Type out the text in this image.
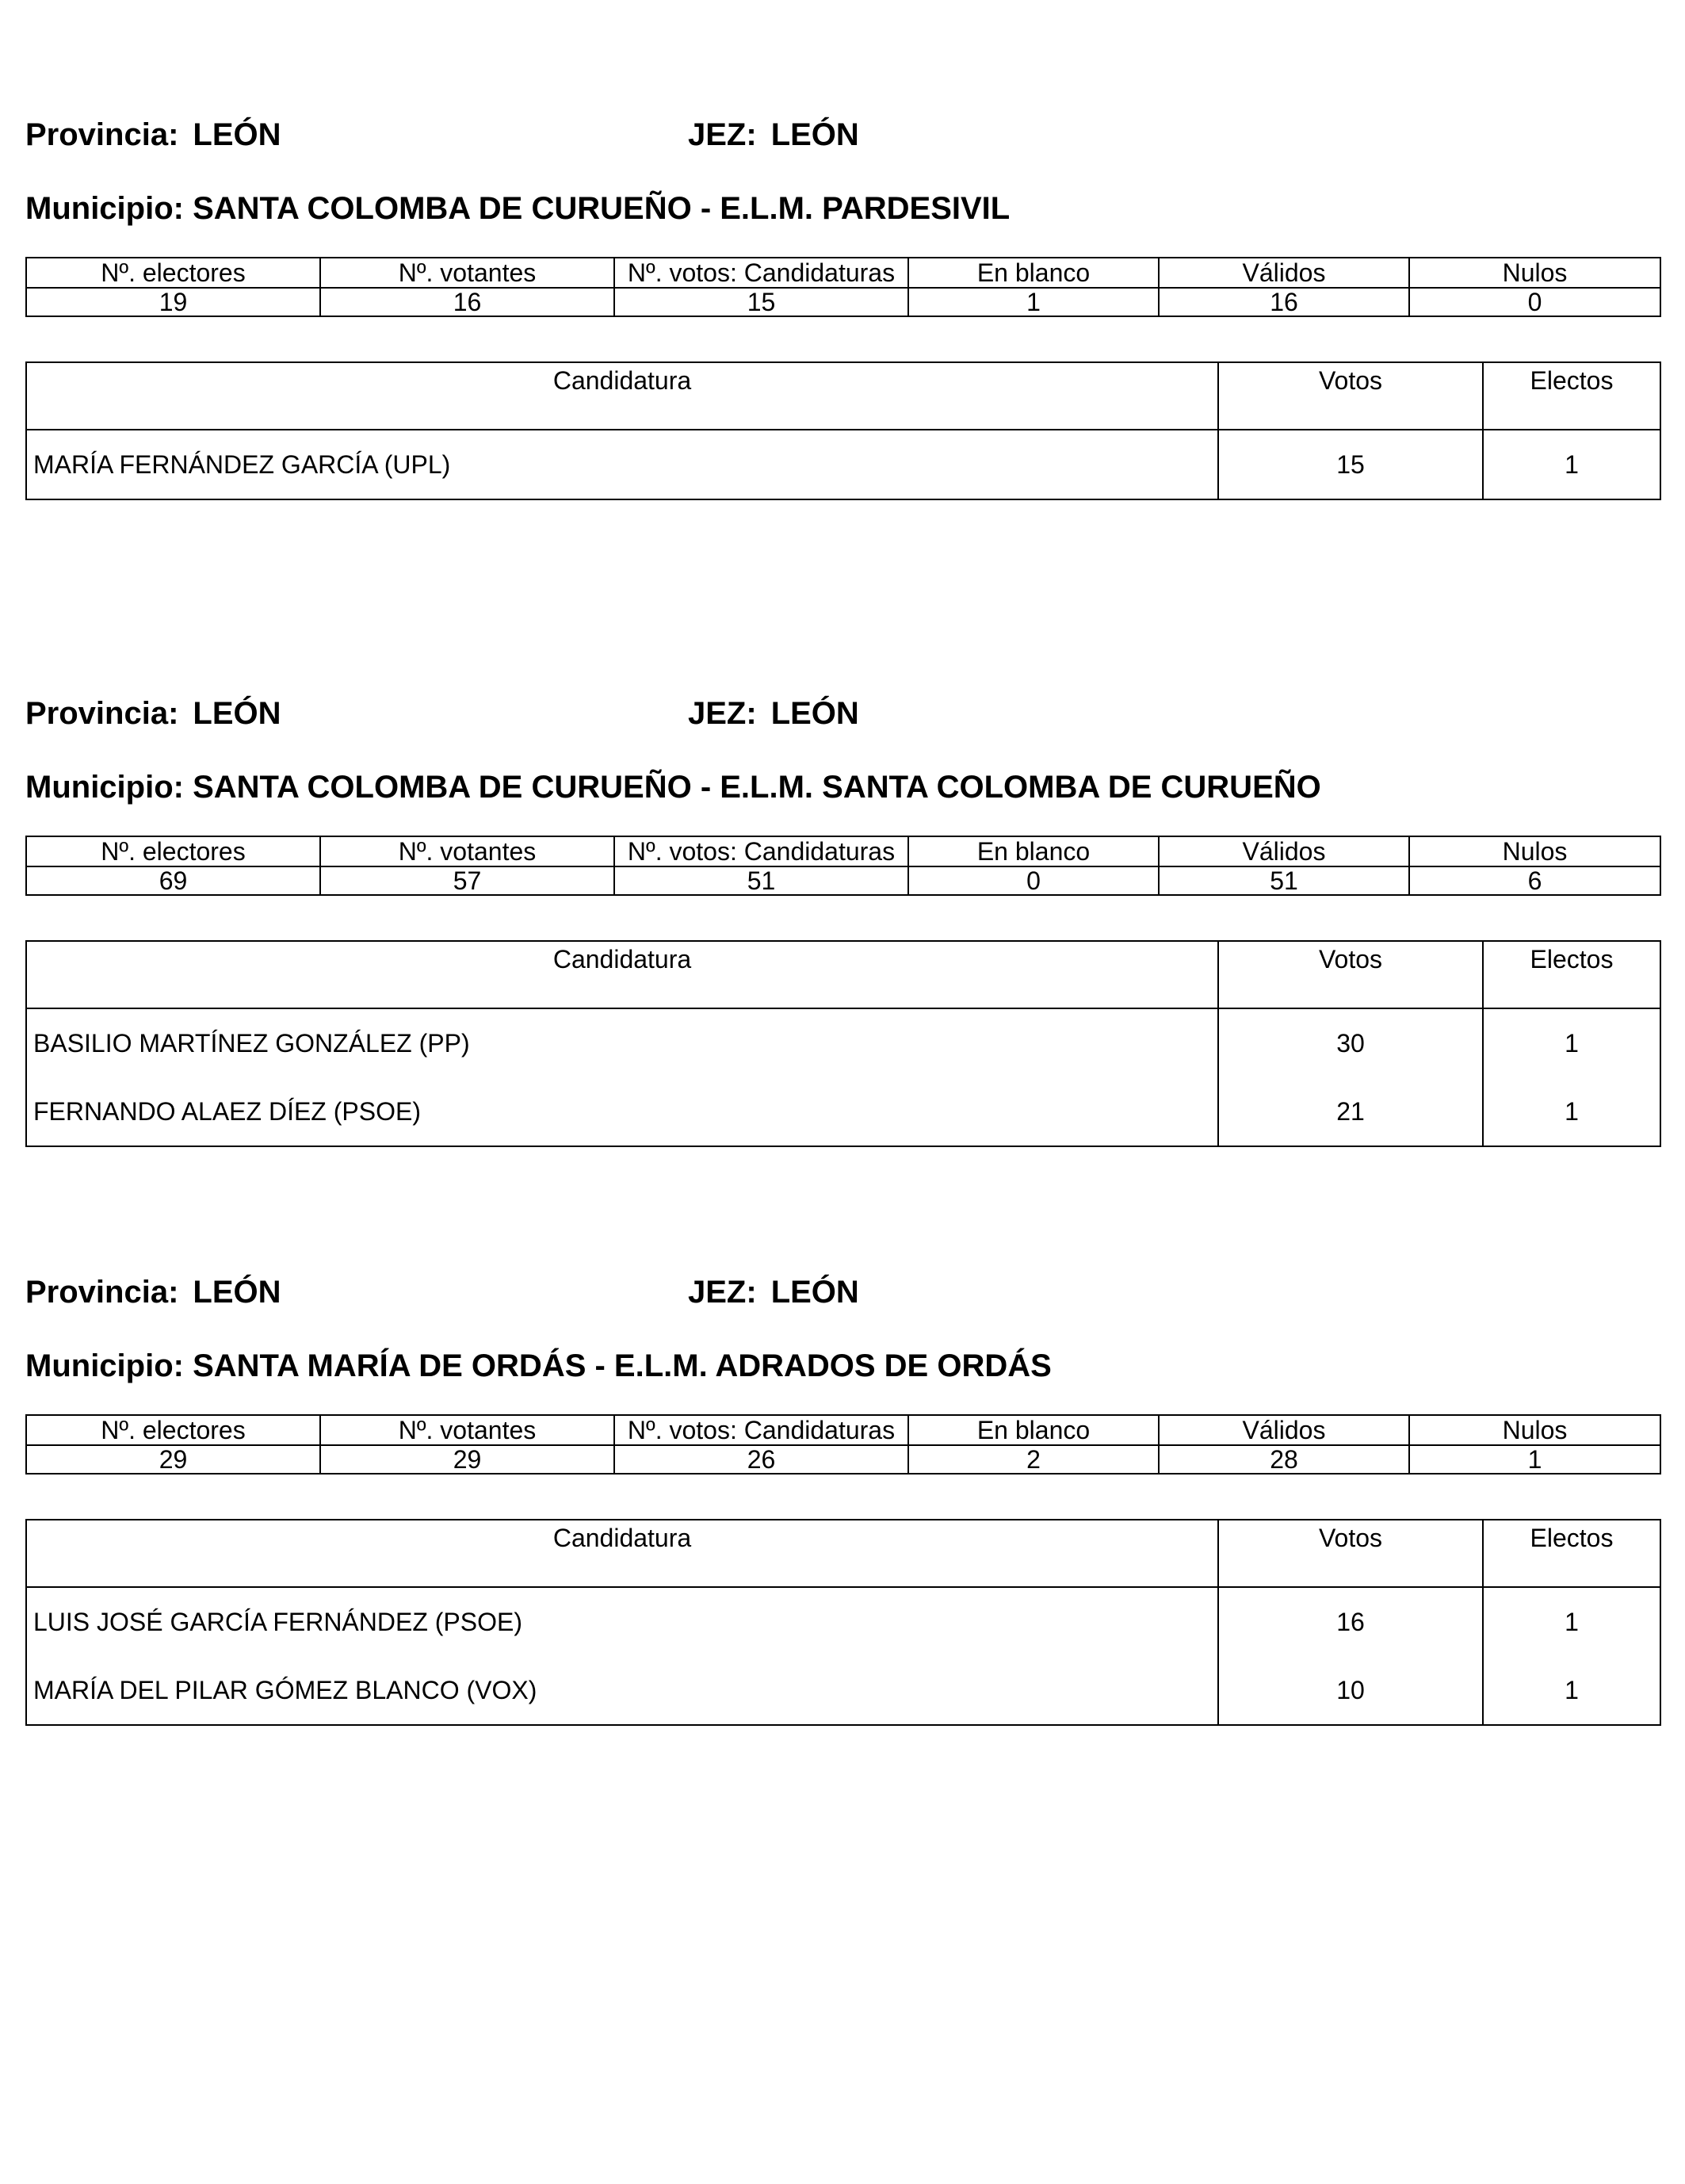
Provincia: LEÓN	JEZ: LEÓN
Municipio: SANTA COLOMBA DE CURUEÑO - E.L.M. PARDESIVIL
Nº. electores	Nº. votantes	Nº. votos: Candidaturas	En blanco	Válidos	Nulos
19	16	15	1	16	0
Candidatura	Votos	Electos
MARÍA FERNÁNDEZ GARCÍA (UPL)	15	1
Provincia: LEÓN	JEZ: LEÓN
Municipio: SANTA COLOMBA DE CURUEÑO - E.L.M. SANTA COLOMBA DE CURUEÑO
Nº. electores	Nº. votantes	Nº. votos: Candidaturas	En blanco	Válidos	Nulos
69	57	51	0	51	6
Candidatura	Votos	Electos
BASILIO MARTÍNEZ GONZÁLEZ (PP)	30	1
FERNANDO ALAEZ DÍEZ (PSOE)	21	1
Provincia: LEÓN	JEZ: LEÓN
Municipio: SANTA MARÍA DE ORDÁS - E.L.M. ADRADOS DE ORDÁS
Nº. electores	Nº. votantes	Nº. votos: Candidaturas	En blanco	Válidos	Nulos
29	29	26	2	28	1
Candidatura	Votos	Electos
LUIS JOSÉ GARCÍA FERNÁNDEZ (PSOE)	16	1
MARÍA DEL PILAR GÓMEZ BLANCO (VOX)	10	1
